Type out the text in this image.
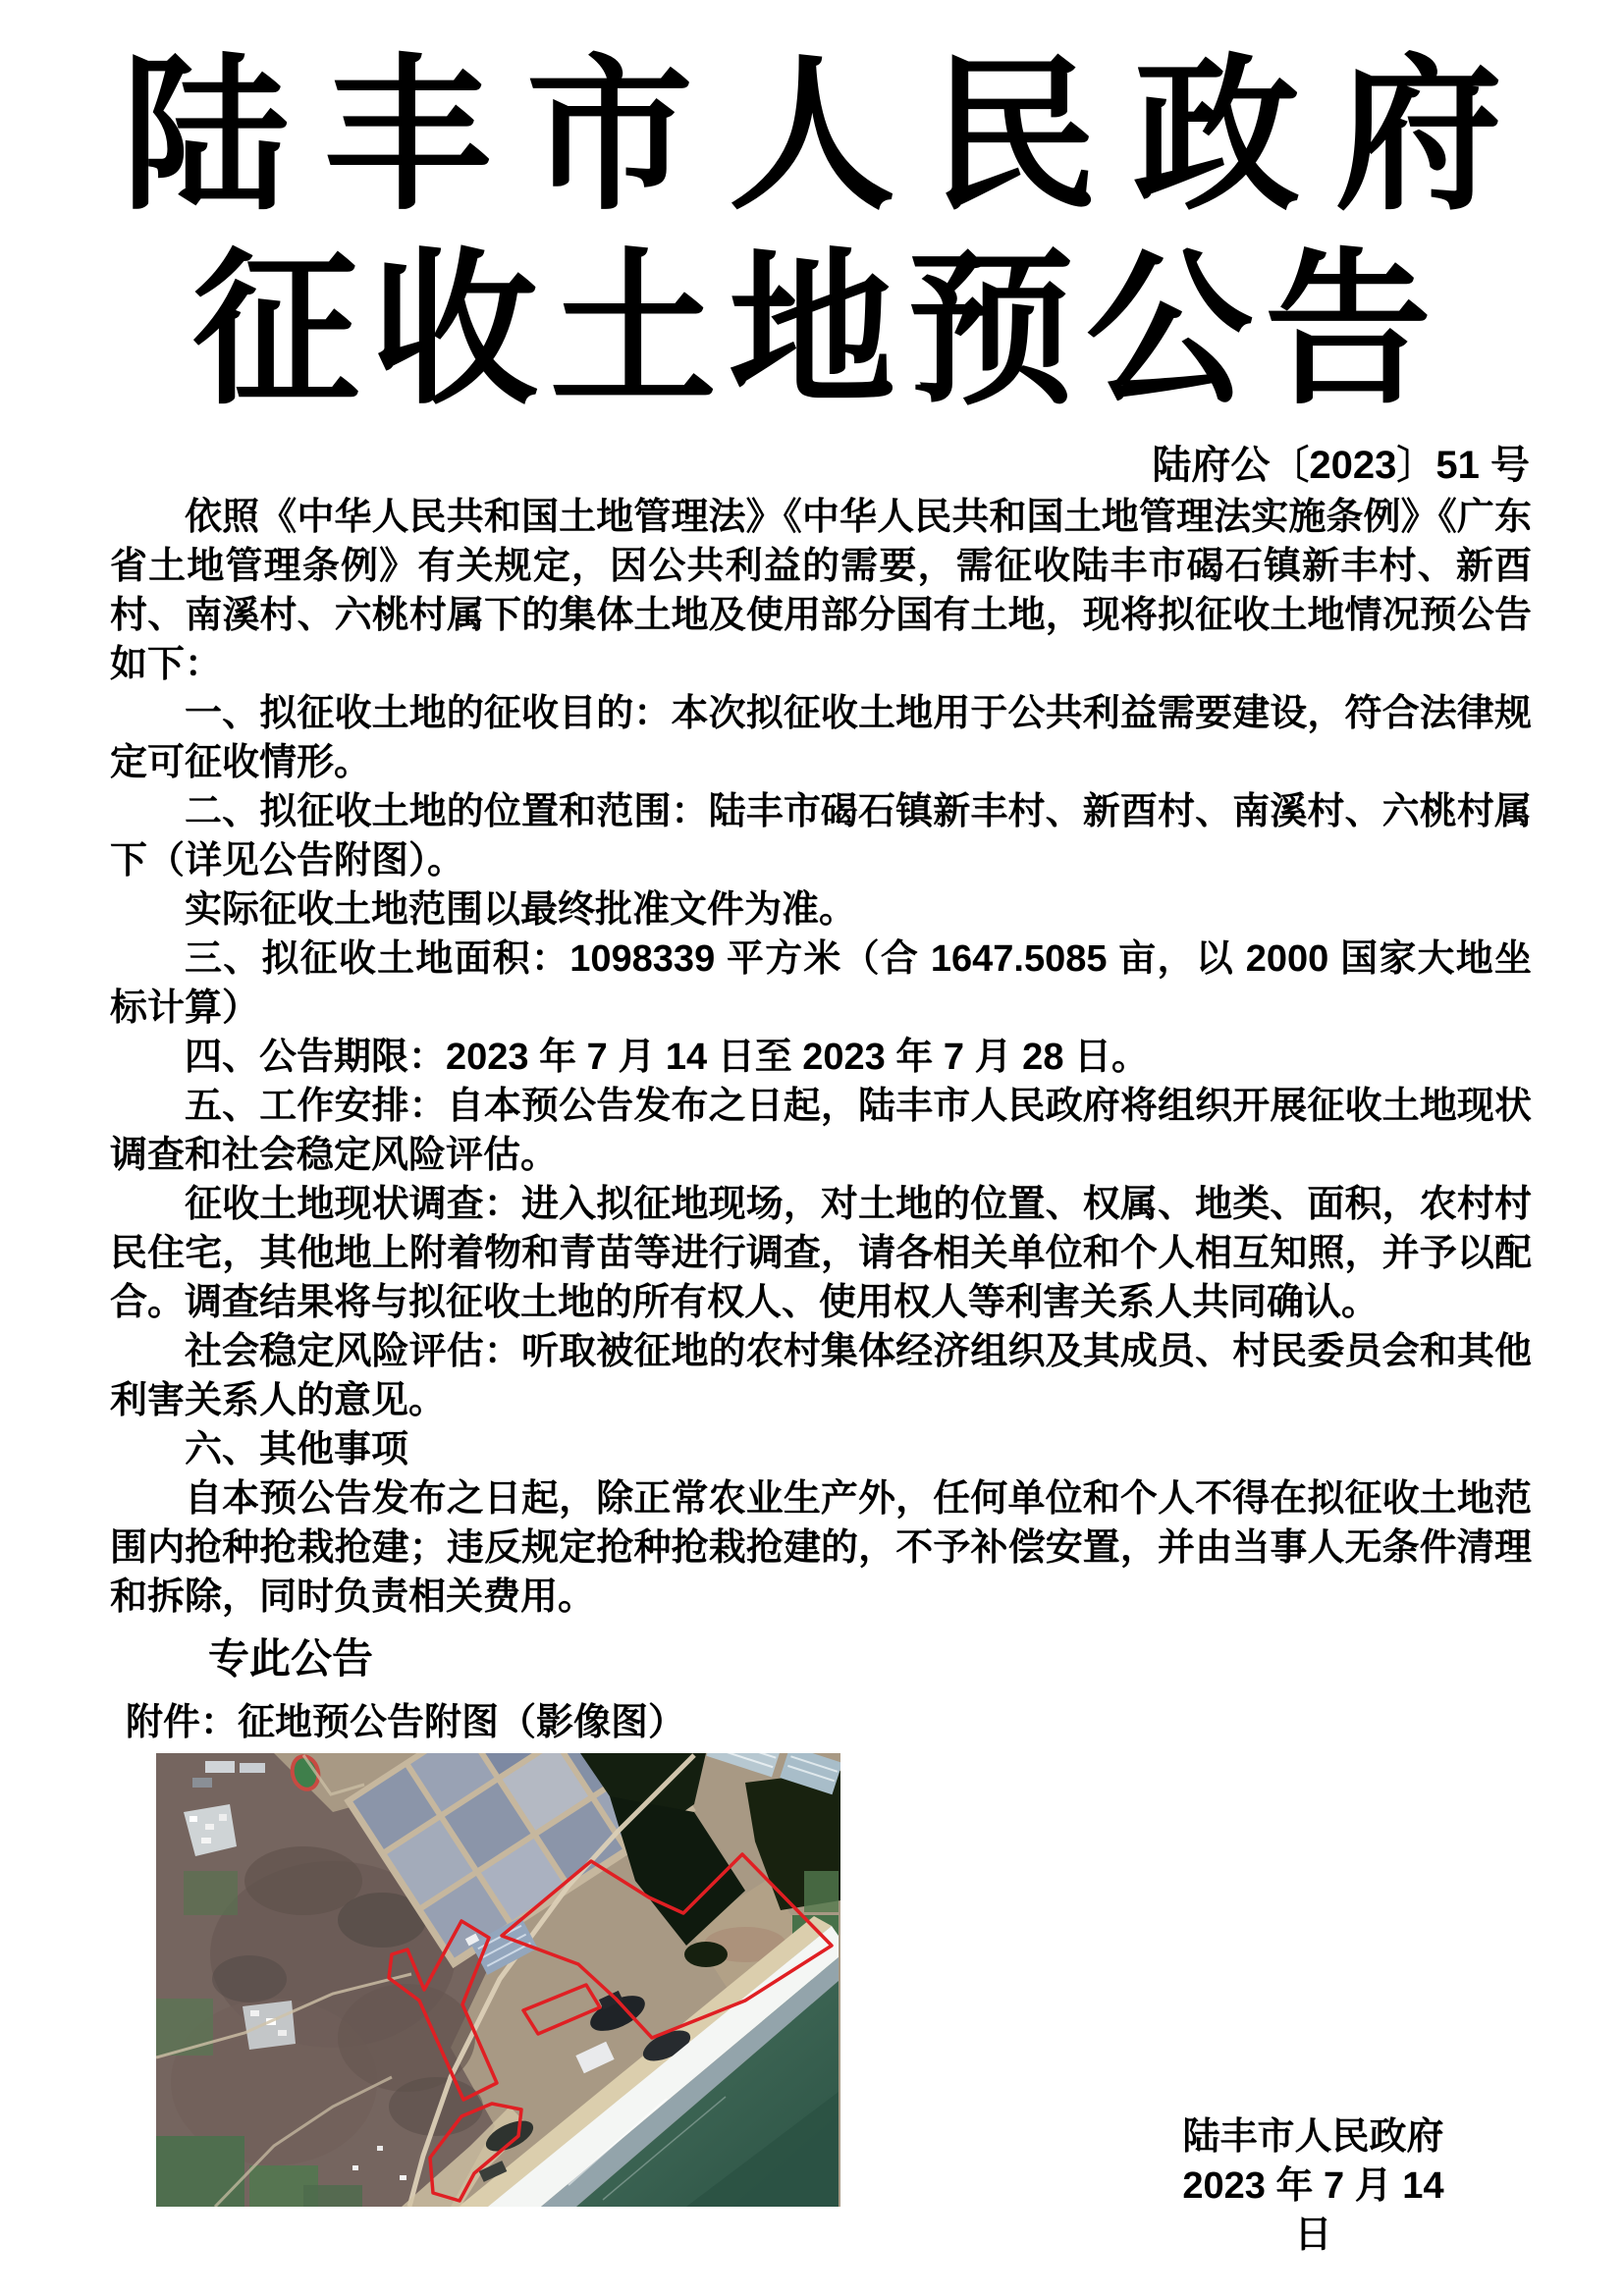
陆丰市人民政府
征收土地预公告
陆府公〔2023〕51 号

依照《中华人民共和国土地管理法》《中华人民共和国土地管理法实施条例》《广东省土地管理条例》有关规定，因公共利益的需要，需征收陆丰市碣石镇新丰村、新酉村、南溪村、六桃村属下的集体土地及使用部分国有土地，现将拟征收土地情况预公告如下：

一、拟征收土地的征收目的：本次拟征收土地用于公共利益需要建设，符合法律规定可征收情形。

二、拟征收土地的位置和范围：陆丰市碣石镇新丰村、新酉村、南溪村、六桃村属下（详见公告附图）。

实际征收土地范围以最终批准文件为准。

三、拟征收土地面积：1098339 平方米（合 1647.5085 亩，以 2000 国家大地坐标计算）

四、公告期限：2023 年 7 月 14 日至 2023 年 7 月 28 日。

五、工作安排：自本预公告发布之日起，陆丰市人民政府将组织开展征收土地现状调查和社会稳定风险评估。

征收土地现状调查：进入拟征地现场，对土地的位置、权属、地类、面积，农村村民住宅，其他地上附着物和青苗等进行调查，请各相关单位和个人相互知照，并予以配合。调查结果将与拟征收土地的所有权人、使用权人等利害关系人共同确认。

社会稳定风险评估：听取被征地的农村集体经济组织及其成员、村民委员会和其他利害关系人的意见。

六、其他事项

自本预公告发布之日起，除正常农业生产外，任何单位和个人不得在拟征收土地范围内抢种抢栽抢建；违反规定抢种抢栽抢建的，不予补偿安置，并由当事人无条件清理和拆除，同时负责相关费用。

专此公告
附件：征地预公告附图（影像图）
陆丰市人民政府
2023 年 7 月 14 日
